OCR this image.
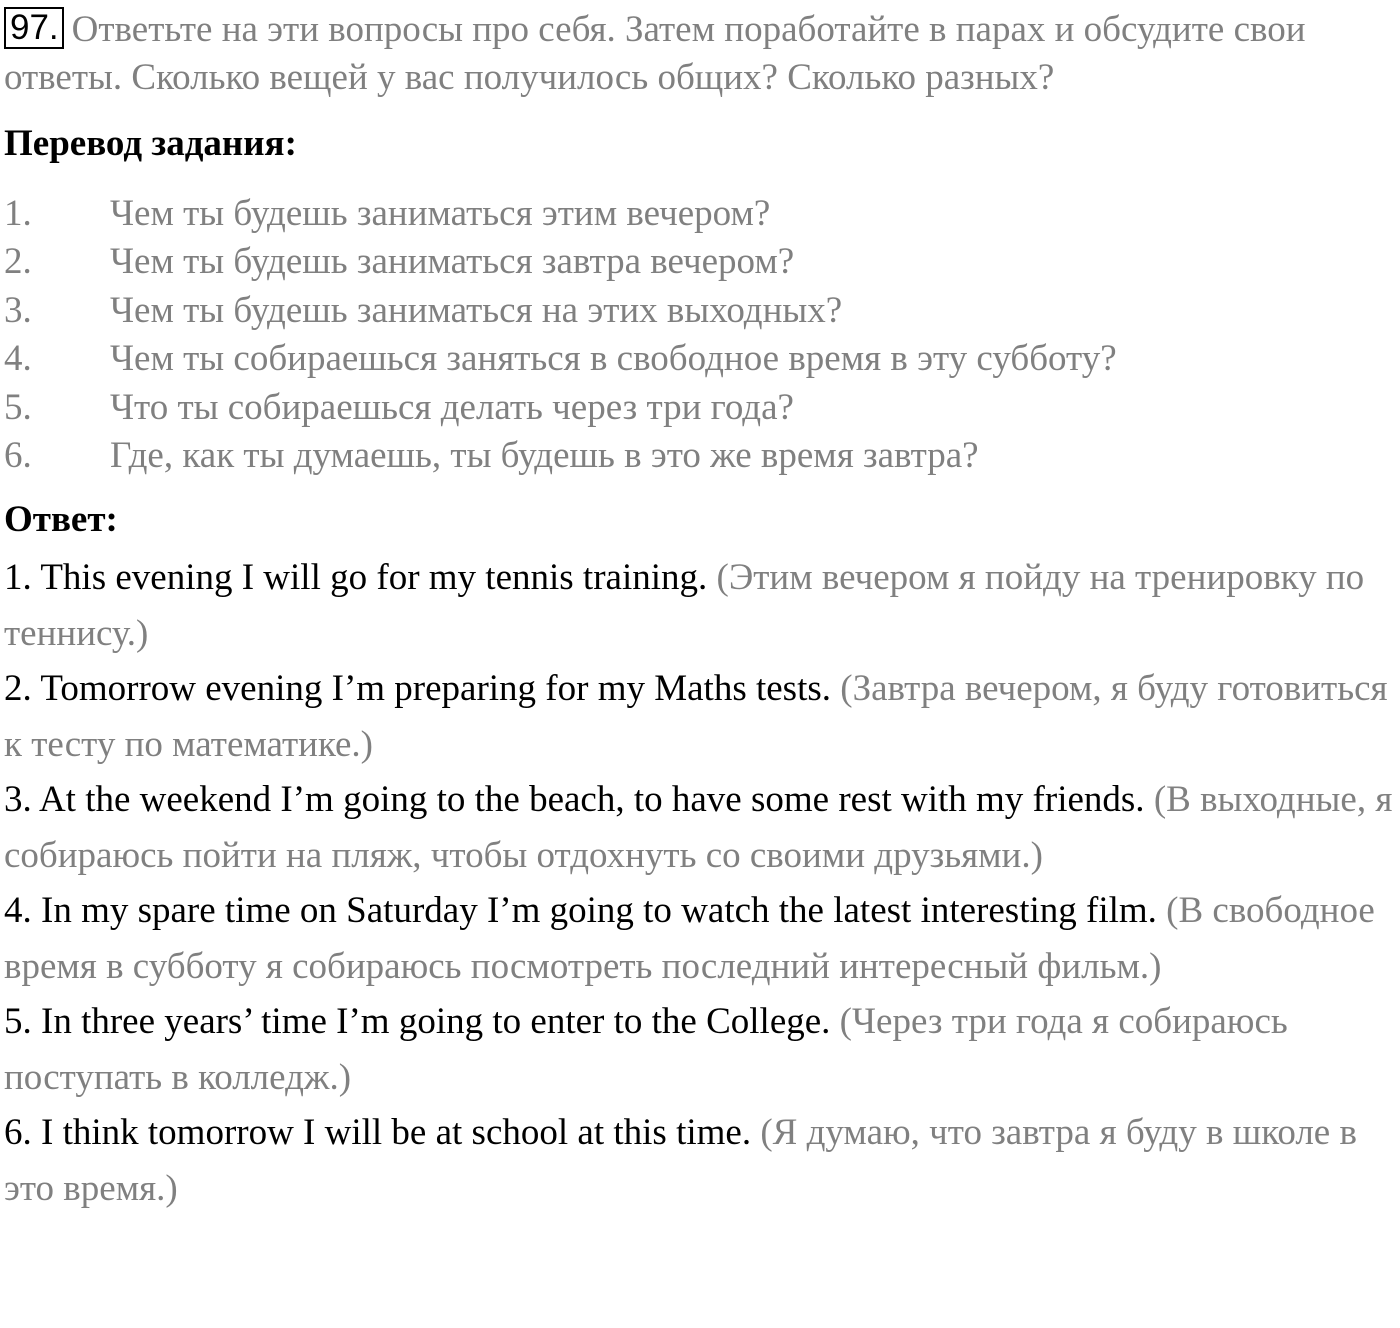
97. Ответьте на эти вопросы про себя. Затем поработайте в парах и обсудите свои ответы. Сколько вещей у вас получилось общих? Сколько разных?
Перевод задания:
1.	Чем ты будешь заниматься этим вечером?
2.	Чем ты будешь заниматься завтра вечером?
3.	Чем ты будешь заниматься на этих выходных?
4.	Чем ты собираешься заняться в свободное время в эту субботу?
5.	Что ты собираешься делать через три года?
6.	Где, как ты думаешь, ты будешь в это же время завтра?
Ответ:
1. This evening I will go for my tennis training. (Этим вечером я пойду на тренировку по теннису.)
2. Tomorrow evening I’m preparing for my Maths tests. (Завтра вечером, я буду готовиться к тесту по математике.)
3. At the weekend I’m going to the beach, to have some rest with my friends. (В выходные, я собираюсь пойти на пляж, чтобы отдохнуть со своими друзьями.)
4. In my spare time on Saturday I’m going to watch the latest interesting film. (В свободное время в субботу я собираюсь посмотреть последний интересный фильм.)
5. In three years’ time I’m going to enter to the College. (Через три года я собираюсь поступать в колледж.)
6. I think tomorrow I will be at school at this time. (Я думаю, что завтра я буду в школе в это время.)
